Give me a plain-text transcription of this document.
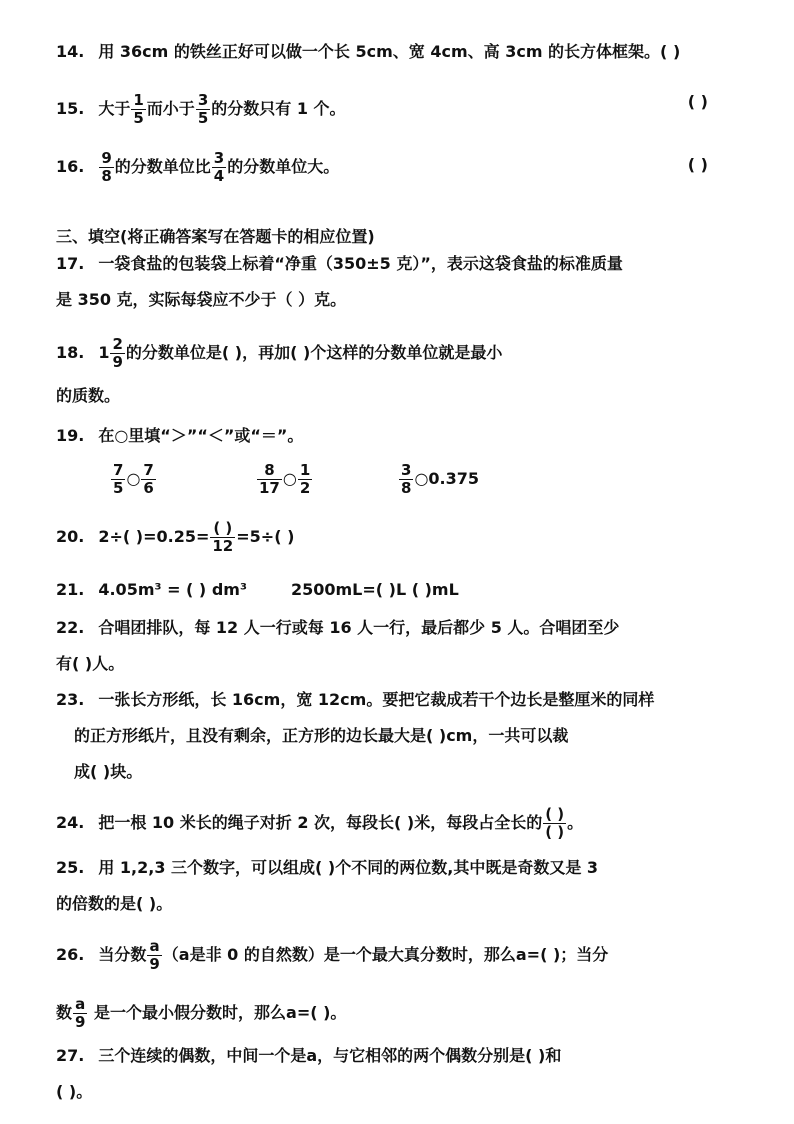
14. 用 36cm 的铁丝正好可以做一个长 5cm、宽 4cm、高 3cm 的长方体框架。( )
15. 大于 $\frac{1}{5}$ 而小于 $\frac{3}{5}$ 的分数只有 1 个。	( )
16. $\frac{9}{8}$ 的分数单位比 $\frac{3}{4}$ 的分数单位大。	( )
三、填空(将正确答案写在答题卡的相应位置)
17. 一袋食盐的包装袋上标着“净重（350±5 克）”，表示这袋食盐的标准质量
是 350 克，实际每袋应不少于（ ）克。
18. $1 \frac{2}{9}$ 的分数单位是( )，再加( )个这样的分数单位就是最小
的质数。
19. 在○里填“＞”“＜”或“＝”。
$\frac{7}{5}$ ○ $\frac{7}{6}$	$\frac{8}{17}$ ○ $\frac{1}{2}$	$\frac{3}{8}$ ○0.375
20. 2÷( )$=0.25= \frac{( )}{12} =5\div$( )
21. 4.05m³ = ( ) dm³	2500mL=( )L ( )mL
22. 合唱团排队，每 12 人一行或每 16 人一行，最后都少 5 人。合唱团至少
有( )人。
23. 一张长方形纸，长 16cm，宽 12cm。要把它裁成若干个边长是整厘米的同样
的正方形纸片，且没有剩余，正方形的边长最大是( )cm，一共可以裁
成( )块。
24. 把一根 10 米长的绳子对折 2 次，每段长( )米，每段占全长的 $\frac{( )}{( )}$ 。
25. 用 1,2,3 三个数字，可以组成( )个不同的两位数,其中既是奇数又是 3
的倍数的是( )。
26. 当分数 $\frac{a}{9} (a$是非 0 的自然数）是一个最大真分数时，那么a=( )；当分
数 $\frac{a}{9}$ 是一个最小假分数时，那么a=( )。
27. 三个连续的偶数，中间一个是a，与它相邻的两个偶数分别是( )和
( )。
